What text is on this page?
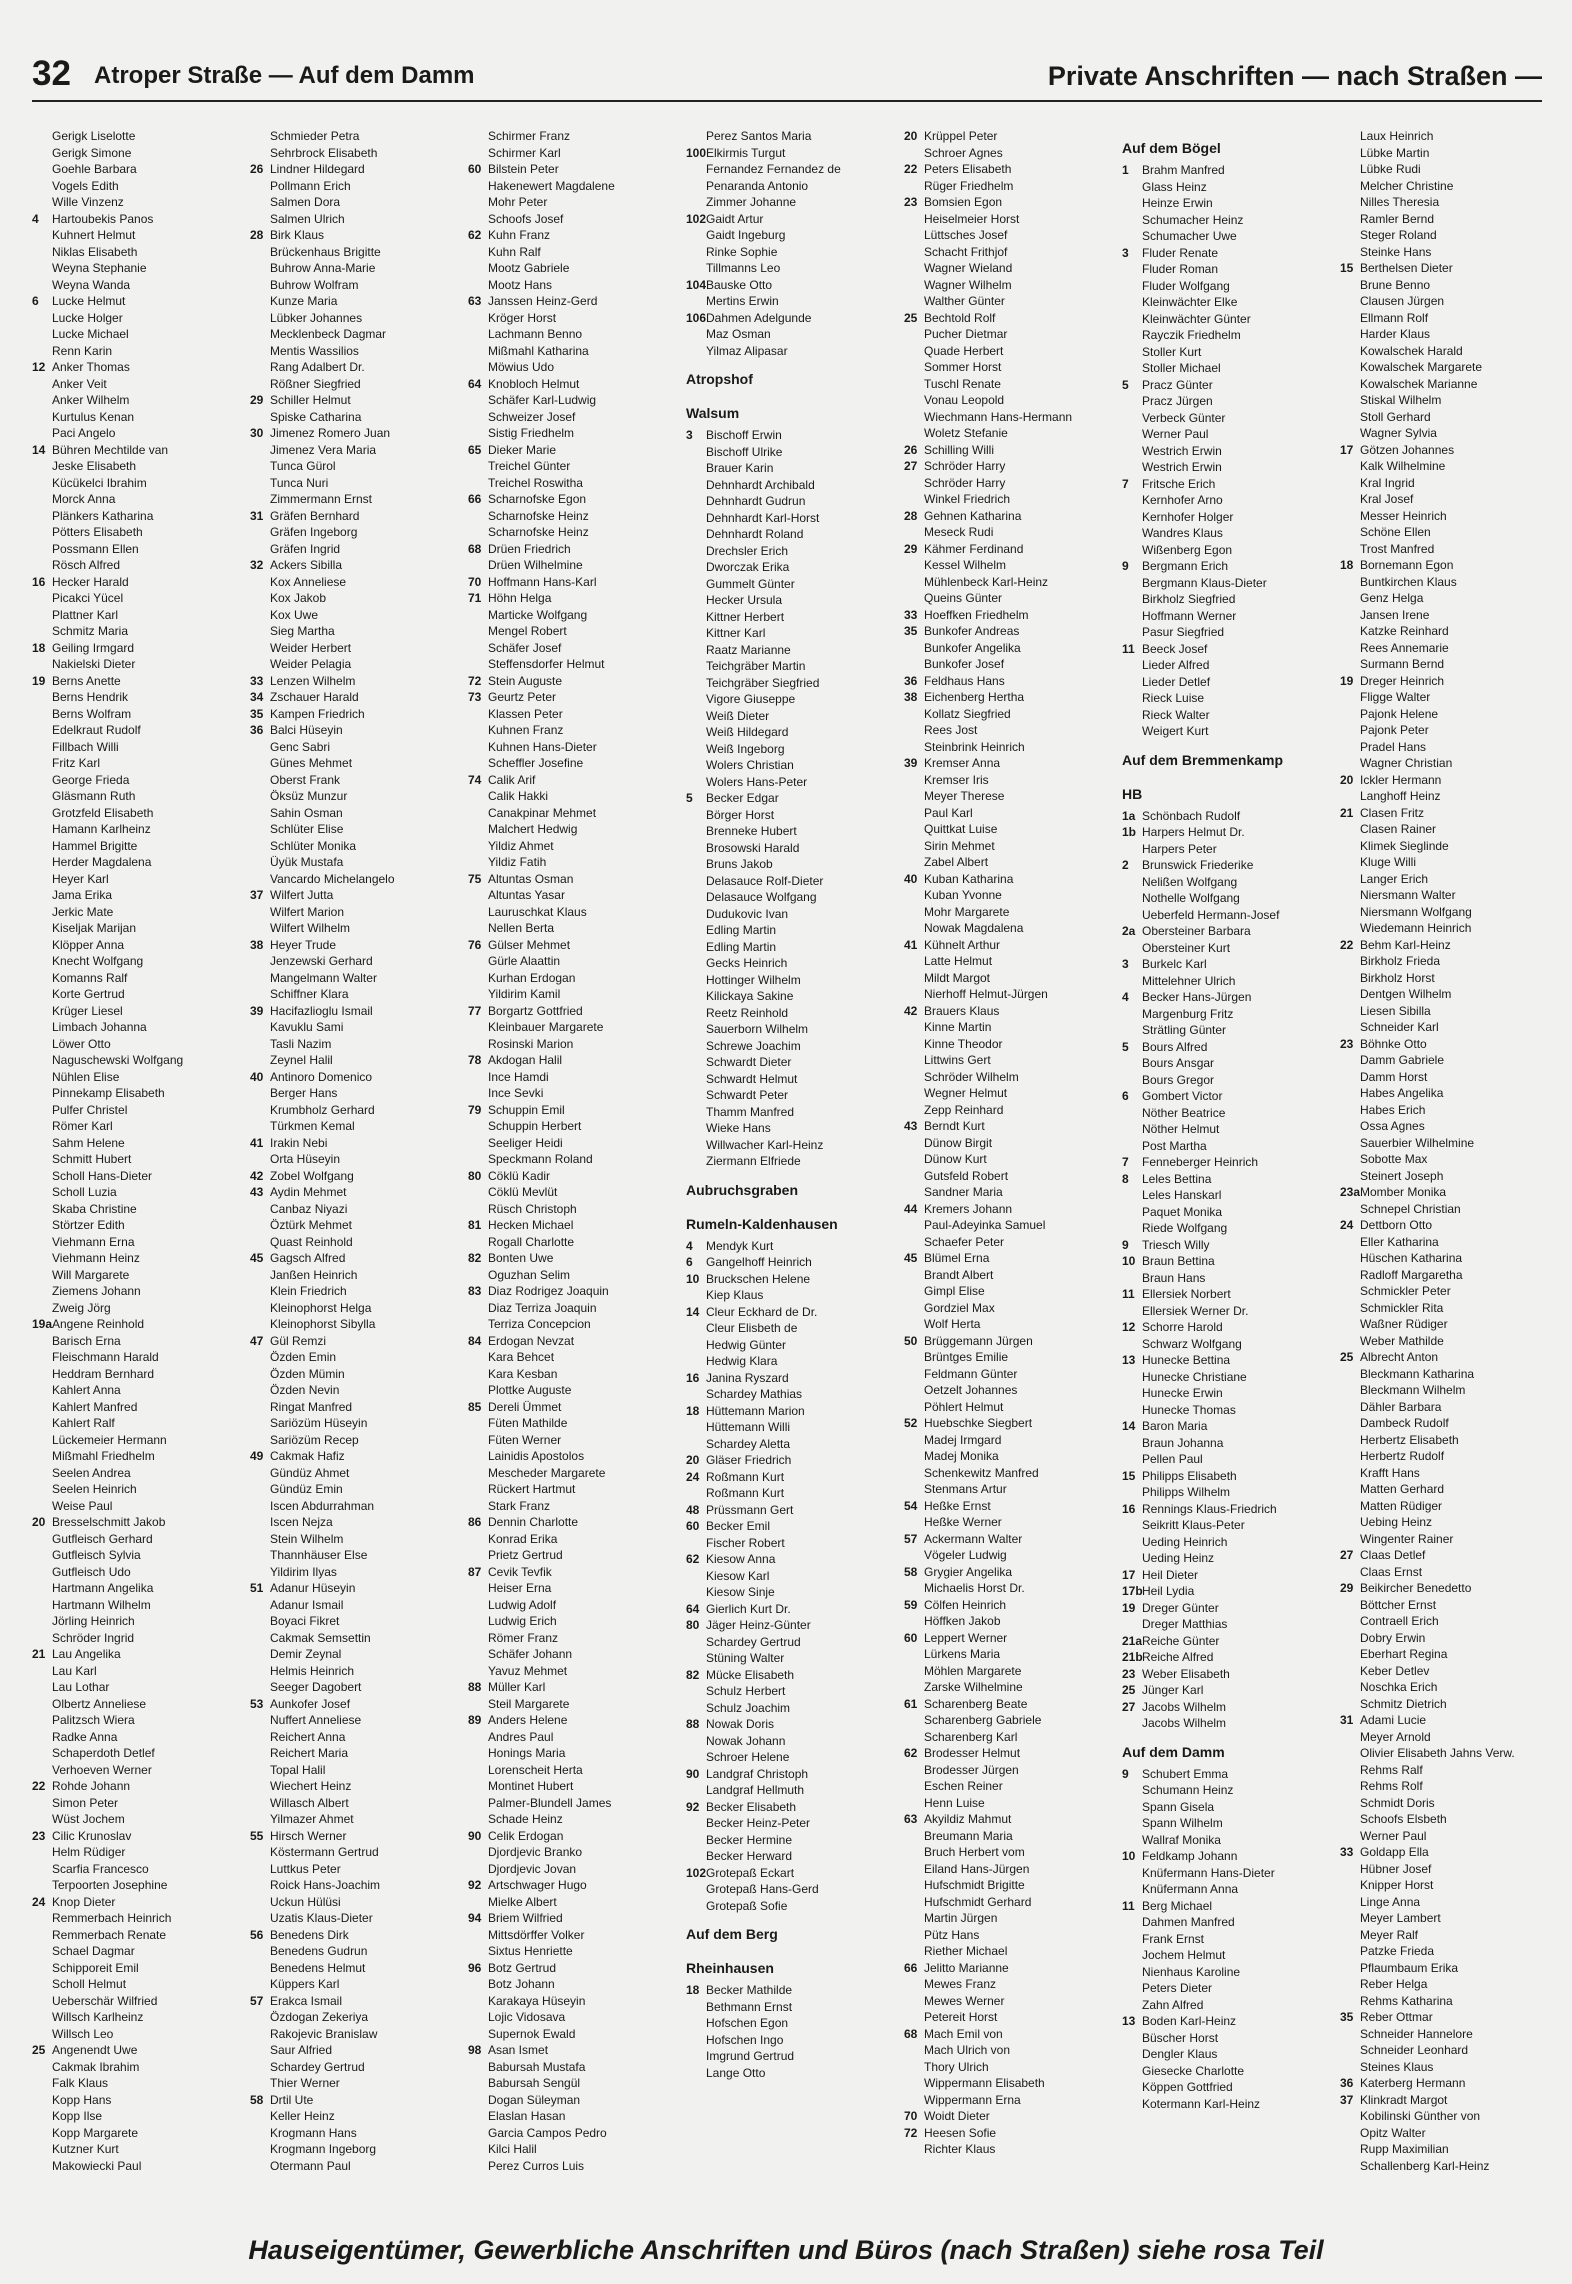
32 Atroper Straße — Auf dem Damm	Private Anschriften — nach Straßen —
Gerigk Liselotte
Gerigk Simone
Goehle Barbara
Vogels Edith
Wille Vinzenz
4 Hartoubekis Panos
Kuhnert Helmut
Niklas Elisabeth
Weyna Stephanie
Weyna Wanda
6 Lucke Helmut
Lucke Holger
Lucke Michael
Renn Karin
12 Anker Thomas
Anker Veit
Anker Wilhelm
Kurtulus Kenan
Paci Angelo
14 Bühren Mechtilde van
Jeske Elisabeth
Kücükelci Ibrahim
Morck Anna
Plänkers Katharina
Pötters Elisabeth
Possmann Ellen
Rösch Alfred
16 Hecker Harald
Picakci Yücel
Plattner Karl
Schmitz Maria
18 Geiling Irmgard
Nakielski Dieter
19 Berns Anette
Berns Hendrik
Berns Wolfram
Edelkraut Rudolf
Fillbach Willi
Fritz Karl
George Frieda
Gläsmann Ruth
Grotzfeld Elisabeth
Hamann Karlheinz
Hammel Brigitte
Herder Magdalena
Heyer Karl
Jama Erika
Jerkic Mate
Kiseljak Marijan
Klöpper Anna
Knecht Wolfgang
Komanns Ralf
Korte Gertrud
Krüger Liesel
Limbach Johanna
Löwer Otto
Naguschewski Wolfgang
Nühlen Elise
Pinnekamp Elisabeth
Pulfer Christel
Römer Karl
Sahm Helene
Schmitt Hubert
Scholl Hans-Dieter
Scholl Luzia
Skaba Christine
Störtzer Edith
Viehmann Erna
Viehmann Heinz
Will Margarete
Ziemens Johann
Zweig Jörg
19a Angene Reinhold
Barisch Erna
Fleischmann Harald
Heddram Bernhard
Kahlert Anna
Kahlert Manfred
Kahlert Ralf
Lückemeier Hermann
Mißmahl Friedhelm
Seelen Andrea
Seelen Heinrich
Weise Paul
20 Bresselschmitt Jakob
Gutfleisch Gerhard
Gutfleisch Sylvia
Gutfleisch Udo
Hartmann Angelika
Hartmann Wilhelm
Jörling Heinrich
Schröder Ingrid
21 Lau Angelika
Lau Karl
Lau Lothar
Olbertz Anneliese
Palitzsch Wiera
Radke Anna
Schaperdoth Detlef
Verhoeven Werner
22 Rohde Johann
Simon Peter
Wüst Jochem
23 Cilic Krunoslav
Helm Rüdiger
Scarfia Francesco
Terpoorten Josephine
24 Knop Dieter
Remmerbach Heinrich
Remmerbach Renate
Schael Dagmar
Schipporeit Emil
Scholl Helmut
Ueberschär Wilfried
Willsch Karlheinz
Willsch Leo
25 Angenendt Uwe
Cakmak Ibrahim
Falk Klaus
Kopp Hans
Kopp Ilse
Kopp Margarete
Kutzner Kurt
Makowiecki Paul
Schmieder Petra
Sehrbrock Elisabeth
26 Lindner Hildegard
Pollmann Erich
Salmen Dora
Salmen Ulrich
28 Birk Klaus
Brückenhaus Brigitte
Buhrow Anna-Marie
Buhrow Wolfram
Kunze Maria
Lübker Johannes
Mecklenbeck Dagmar
Mentis Wassilios
Rang Adalbert Dr.
Rößner Siegfried
29 Schiller Helmut
Spiske Catharina
30 Jimenez Romero Juan
Jimenez Vera Maria
Tunca Gürol
Tunca Nuri
Zimmermann Ernst
31 Gräfen Bernhard
Gräfen Ingeborg
Gräfen Ingrid
32 Ackers Sibilla
Kox Anneliese
Kox Jakob
Kox Uwe
Sieg Martha
Weider Herbert
Weider Pelagia
33 Lenzen Wilhelm
34 Zschauer Harald
35 Kampen Friedrich
36 Balci Hüseyin
Genc Sabri
Günes Mehmet
Oberst Frank
Öksüz Munzur
Sahin Osman
Schlüter Elise
Schlüter Monika
Üyük Mustafa
Vancardo Michelangelo
37 Wilfert Jutta
Wilfert Marion
Wilfert Wilhelm
38 Heyer Trude
Jenzewski Gerhard
Mangelmann Walter
Schiffner Klara
39 Hacifazlioglu Ismail
Kavuklu Sami
Tasli Nazim
Zeynel Halil
40 Antinoro Domenico
Berger Hans
Krumbholz Gerhard
Türkmen Kemal
41 Irakin Nebi
Orta Hüseyin
42 Zobel Wolfgang
43 Aydin Mehmet
Canbaz Niyazi
Öztürk Mehmet
Quast Reinhold
45 Gagsch Alfred
Janßen Heinrich
Klein Friedrich
Kleinophorst Helga
Kleinophorst Sibylla
47 Gül Remzi
Özden Emin
Özden Mümin
Özden Nevin
Ringat Manfred
Sariözüm Hüseyin
Sariözüm Recep
49 Cakmak Hafiz
Gündüz Ahmet
Gündüz Emin
Iscen Abdurrahman
Iscen Nejza
Stein Wilhelm
Thannhäuser Else
Yildirim Ilyas
51 Adanur Hüseyin
Adanur Ismail
Boyaci Fikret
Cakmak Semsettin
Demir Zeynal
Helmis Heinrich
Seeger Dagobert
53 Aunkofer Josef
Nuffert Anneliese
Reichert Anna
Reichert Maria
Topal Halil
Wiechert Heinz
Willasch Albert
Yilmazer Ahmet
55 Hirsch Werner
Köstermann Gertrud
Luttkus Peter
Roick Hans-Joachim
Uckun Hülüsi
Uzatis Klaus-Dieter
56 Benedens Dirk
Benedens Gudrun
Benedens Helmut
Küppers Karl
57 Erakca Ismail
Özdogan Zekeriya
Rakojevic Branislaw
Saur Alfried
Schardey Gertrud
Thier Werner
58 Drtil Ute
Keller Heinz
Krogmann Hans
Krogmann Ingeborg
Otermann Paul
Schirmer Franz
Schirmer Karl
60 Bilstein Peter
Hakenewert Magdalene
Mohr Peter
Schoofs Josef
62 Kuhn Franz
Kuhn Ralf
Mootz Gabriele
Mootz Hans
63 Janssen Heinz-Gerd
Kröger Horst
Lachmann Benno
Mißmahl Katharina
Möwius Udo
64 Knobloch Helmut
Schäfer Karl-Ludwig
Schweizer Josef
Sistig Friedhelm
65 Dieker Marie
Treichel Günter
Treichel Roswitha
66 Scharnofske Egon
Scharnofske Heinz
Scharnofske Heinz
68 Drüen Friedrich
Drüen Wilhelmine
70 Hoffmann Hans-Karl
71 Höhn Helga
Marticke Wolfgang
Mengel Robert
Schäfer Josef
Steffensdorfer Helmut
72 Stein Auguste
73 Geurtz Peter
Klassen Peter
Kuhnen Franz
Kuhnen Hans-Dieter
Scheffler Josefine
74 Calik Arif
Calik Hakki
Canakpinar Mehmet
Malchert Hedwig
Yildiz Ahmet
Yildiz Fatih
75 Altuntas Osman
Altuntas Yasar
Lauruschkat Klaus
Nellen Berta
76 Gülser Mehmet
Gürle Alaattin
Kurhan Erdogan
Yildirim Kamil
77 Borgartz Gottfried
Kleinbauer Margarete
Rosinski Marion
78 Akdogan Halil
Ince Hamdi
Ince Sevki
79 Schuppin Emil
Schuppin Herbert
Seeliger Heidi
Speckmann Roland
80 Cöklü Kadir
Cöklü Mevlüt
Rüsch Christoph
81 Hecken Michael
Rogall Charlotte
82 Bonten Uwe
Oguzhan Selim
83 Diaz Rodrigez Joaquin
Diaz Terriza Joaquin
Terriza Concepcion
84 Erdogan Nevzat
Kara Behcet
Kara Kesban
Plottke Auguste
85 Dereli Ümmet
Füten Mathilde
Füten Werner
Lainidis Apostolos
Mescheder Margarete
Rückert Hartmut
Stark Franz
86 Dennin Charlotte
Konrad Erika
Prietz Gertrud
87 Cevik Tevfik
Heiser Erna
Ludwig Adolf
Ludwig Erich
Römer Franz
Schäfer Johann
Yavuz Mehmet
88 Müller Karl
Steil Margarete
89 Anders Helene
Andres Paul
Honings Maria
Lorenscheit Herta
Montinet Hubert
Palmer-Blundell James
Schade Heinz
90 Celik Erdogan
Djordjevic Branko
Djordjevic Jovan
92 Artschwager Hugo
Mielke Albert
94 Briem Wilfried
Mittsdörffer Volker
Sixtus Henriette
96 Botz Gertrud
Botz Johann
Karakaya Hüseyin
Lojic Vidosava
Supernok Ewald
98 Asan Ismet
Babursah Mustafa
Babursah Sengül
Dogan Süleyman
Elaslan Hasan
Garcia Campos Pedro
Kilci Halil
Perez Curros Luis
Perez Santos Maria
100 Elkirmis Turgut
Fernandez Fernandez de
Penaranda Antonio
Zimmer Johanne
102 Gaidt Artur
Gaidt Ingeburg
Rinke Sophie
Tillmanns Leo
104 Bauske Otto
Mertins Erwin
106 Dahmen Adelgunde
Maz Osman
Yilmaz Alipasar
Atropshof
Walsum
3 Bischoff Erwin
Bischoff Ulrike
Brauer Karin
Dehnhardt Archibald
Dehnhardt Gudrun
Dehnhardt Karl-Horst
Dehnhardt Roland
Drechsler Erich
Dworczak Erika
Gummelt Günter
Hecker Ursula
Kittner Herbert
Kittner Karl
Raatz Marianne
Teichgräber Martin
Teichgräber Siegfried
Vigore Giuseppe
Weiß Dieter
Weiß Hildegard
Weiß Ingeborg
Wolers Christian
Wolers Hans-Peter
5 Becker Edgar
Börger Horst
Brenneke Hubert
Brosowski Harald
Bruns Jakob
Delasauce Rolf-Dieter
Delasauce Wolfgang
Dudukovic Ivan
Edling Martin
Edling Martin
Gecks Heinrich
Hottinger Wilhelm
Kilickaya Sakine
Reetz Reinhold
Sauerborn Wilhelm
Schrewe Joachim
Schwardt Dieter
Schwardt Helmut
Schwardt Peter
Thamm Manfred
Wieke Hans
Willwacher Karl-Heinz
Ziermann Elfriede
Aubruchsgraben
Rumeln-Kaldenhausen
4 Mendyk Kurt
6 Gangelhoff Heinrich
10 Bruckschen Helene
Kiep Klaus
14 Cleur Eckhard de Dr.
Cleur Elisbeth de
Hedwig Günter
Hedwig Klara
16 Janina Ryszard
Schardey Mathias
18 Hüttemann Marion
Hüttemann Willi
Schardey Aletta
20 Gläser Friedrich
24 Roßmann Kurt
Roßmann Kurt
48 Prüssmann Gert
60 Becker Emil
Fischer Robert
62 Kiesow Anna
Kiesow Karl
Kiesow Sinje
64 Gierlich Kurt Dr.
80 Jäger Heinz-Günter
Schardey Gertrud
Stüning Walter
82 Mücke Elisabeth
Schulz Herbert
Schulz Joachim
88 Nowak Doris
Nowak Johann
Schroer Helene
90 Landgraf Christoph
Landgraf Hellmuth
92 Becker Elisabeth
Becker Heinz-Peter
Becker Hermine
Becker Herward
102 Grotepaß Eckart
Grotepaß Hans-Gerd
Grotepaß Sofie
Auf dem Berg
Rheinhausen
18 Becker Mathilde
Bethmann Ernst
Hofschen Egon
Hofschen Ingo
Imgrund Gertrud
Lange Otto
20 Krüppel Peter
Schroer Agnes
22 Peters Elisabeth
Rüger Friedhelm
23 Bomsien Egon
Heiselmeier Horst
Lüttsches Josef
Schacht Frithjof
Wagner Wieland
Wagner Wilhelm
Walther Günter
25 Bechtold Rolf
Pucher Dietmar
Quade Herbert
Sommer Horst
Tuschl Renate
Vonau Leopold
Wiechmann Hans-Hermann
Woletz Stefanie
26 Schilling Willi
27 Schröder Harry
Schröder Harry
Winkel Friedrich
28 Gehnen Katharina
Meseck Rudi
29 Kähmer Ferdinand
Kessel Wilhelm
Mühlenbeck Karl-Heinz
Queins Günter
33 Hoeffken Friedhelm
35 Bunkofer Andreas
Bunkofer Angelika
Bunkofer Josef
36 Feldhaus Hans
38 Eichenberg Hertha
Kollatz Siegfried
Rees Jost
Steinbrink Heinrich
39 Kremser Anna
Kremser Iris
Meyer Therese
Paul Karl
Quittkat Luise
Sirin Mehmet
Zabel Albert
40 Kuban Katharina
Kuban Yvonne
Mohr Margarete
Nowak Magdalena
41 Kühnelt Arthur
Latte Helmut
Mildt Margot
Nierhoff Helmut-Jürgen
42 Brauers Klaus
Kinne Martin
Kinne Theodor
Littwins Gert
Schröder Wilhelm
Wegner Helmut
Zepp Reinhard
43 Berndt Kurt
Dünow Birgit
Dünow Kurt
Gutsfeld Robert
Sandner Maria
44 Kremers Johann
Paul-Adeyinka Samuel
Schaefer Peter
45 Blümel Erna
Brandt Albert
Gimpl Elise
Gordziel Max
Wolf Herta
50 Brüggemann Jürgen
Brüntges Emilie
Feldmann Günter
Oetzelt Johannes
Pöhlert Helmut
52 Huebschke Siegbert
Madej Irmgard
Madej Monika
Schenkewitz Manfred
Stenmans Artur
54 Heßke Ernst
Heßke Werner
57 Ackermann Walter
Vögeler Ludwig
58 Grygier Angelika
Michaelis Horst Dr.
59 Cölfen Heinrich
Höffken Jakob
60 Leppert Werner
Lürkens Maria
Möhlen Margarete
Zarske Wilhelmine
61 Scharenberg Beate
Scharenberg Gabriele
Scharenberg Karl
62 Brodesser Helmut
Brodesser Jürgen
Eschen Reiner
Henn Luise
63 Akyildiz Mahmut
Breumann Maria
Bruch Herbert vom
Eiland Hans-Jürgen
Hufschmidt Brigitte
Hufschmidt Gerhard
Martin Jürgen
Pütz Hans
Riether Michael
66 Jelitto Marianne
Mewes Franz
Mewes Werner
Petereit Horst
68 Mach Emil von
Mach Ulrich von
Thory Ulrich
Wippermann Elisabeth
Wippermann Erna
70 Woidt Dieter
72 Heesen Sofie
Richter Klaus
Auf dem Bögel
1 Brahm Manfred
Glass Heinz
Heinze Erwin
Schumacher Heinz
Schumacher Uwe
3 Fluder Renate
Fluder Roman
Fluder Wolfgang
Kleinwächter Elke
Kleinwächter Günter
Rayczik Friedhelm
Stoller Kurt
Stoller Michael
5 Pracz Günter
Pracz Jürgen
Verbeck Günter
Werner Paul
Westrich Erwin
Westrich Erwin
7 Fritsche Erich
Kernhofer Arno
Kernhofer Holger
Wandres Klaus
Wißenberg Egon
9 Bergmann Erich
Bergmann Klaus-Dieter
Birkholz Siegfried
Hoffmann Werner
Pasur Siegfried
11 Beeck Josef
Lieder Alfred
Lieder Detlef
Rieck Luise
Rieck Walter
Weigert Kurt
Auf dem Bremmenkamp
HB
1a Schönbach Rudolf
1b Harpers Helmut Dr.
Harpers Peter
2 Brunswick Friederike
Nelißen Wolfgang
Nothelle Wolfgang
Ueberfeld Hermann-Josef
2a Obersteiner Barbara
Obersteiner Kurt
3 Burkelc Karl
Mittelehner Ulrich
4 Becker Hans-Jürgen
Margenburg Fritz
Strätling Günter
5 Bours Alfred
Bours Ansgar
Bours Gregor
6 Gombert Victor
Nöther Beatrice
Nöther Helmut
Post Martha
7 Fenneberger Heinrich
8 Leles Bettina
Leles Hanskarl
Paquet Monika
Riede Wolfgang
9 Triesch Willy
10 Braun Bettina
Braun Hans
11 Ellersiek Norbert
Ellersiek Werner Dr.
12 Schorre Harold
Schwarz Wolfgang
13 Hunecke Bettina
Hunecke Christiane
Hunecke Erwin
Hunecke Thomas
14 Baron Maria
Braun Johanna
Pellen Paul
15 Philipps Elisabeth
Philipps Wilhelm
16 Rennings Klaus-Friedrich
Seikritt Klaus-Peter
Ueding Heinrich
Ueding Heinz
17 Heil Dieter
17b Heil Lydia
19 Dreger Günter
Dreger Matthias
21a Reiche Günter
21b Reiche Alfred
23 Weber Elisabeth
25 Jünger Karl
27 Jacobs Wilhelm
Jacobs Wilhelm
Auf dem Damm
9 Schubert Emma
Schumann Heinz
Spann Gisela
Spann Wilhelm
Wallraf Monika
10 Feldkamp Johann
Knüfermann Hans-Dieter
Knüfermann Anna
11 Berg Michael
Dahmen Manfred
Frank Ernst
Jochem Helmut
Nienhaus Karoline
Peters Dieter
Zahn Alfred
13 Boden Karl-Heinz
Büscher Horst
Dengler Klaus
Giesecke Charlotte
Köppen Gottfried
Kotermann Karl-Heinz
Laux Heinrich
Lübke Martin
Lübke Rudi
Melcher Christine
Nilles Theresia
Ramler Bernd
Steger Roland
Steinke Hans
15 Berthelsen Dieter
Brune Benno
Clausen Jürgen
Ellmann Rolf
Harder Klaus
Kowalschek Harald
Kowalschek Margarete
Kowalschek Marianne
Stiskal Wilhelm
Stoll Gerhard
Wagner Sylvia
17 Götzen Johannes
Kalk Wilhelmine
Kral Ingrid
Kral Josef
Messer Heinrich
Schöne Ellen
Trost Manfred
18 Bornemann Egon
Buntkirchen Klaus
Genz Helga
Jansen Irene
Katzke Reinhard
Rees Annemarie
Surmann Bernd
19 Dreger Heinrich
Fligge Walter
Pajonk Helene
Pajonk Peter
Pradel Hans
Wagner Christian
20 Ickler Hermann
Langhoff Heinz
21 Clasen Fritz
Clasen Rainer
Klimek Sieglinde
Kluge Willi
Langer Erich
Niersmann Walter
Niersmann Wolfgang
Wiedemann Heinrich
22 Behm Karl-Heinz
Birkholz Frieda
Birkholz Horst
Dentgen Wilhelm
Liesen Sibilla
Schneider Karl
23 Böhnke Otto
Damm Gabriele
Damm Horst
Habes Angelika
Habes Erich
Ossa Agnes
Sauerbier Wilhelmine
Sobotte Max
Steinert Joseph
23a Momber Monika
Schnepel Christian
24 Dettborn Otto
Eller Katharina
Hüschen Katharina
Radloff Margaretha
Schmickler Peter
Schmickler Rita
Waßner Rüdiger
Weber Mathilde
25 Albrecht Anton
Bleckmann Katharina
Bleckmann Wilhelm
Dähler Barbara
Dambeck Rudolf
Herbertz Elisabeth
Herbertz Rudolf
Krafft Hans
Matten Gerhard
Matten Rüdiger
Uebing Heinz
Wingenter Rainer
27 Claas Detlef
Claas Ernst
29 Beikircher Benedetto
Böttcher Ernst
Contraell Erich
Dobry Erwin
Eberhart Regina
Keber Detlev
Noschka Erich
Schmitz Dietrich
31 Adami Lucie
Meyer Arnold
Olivier Elisabeth Jahns Verw.
Rehms Ralf
Rehms Rolf
Schmidt Doris
Schoofs Elsbeth
Werner Paul
33 Goldapp Ella
Hübner Josef
Knipper Horst
Linge Anna
Meyer Lambert
Meyer Ralf
Patzke Frieda
Pflaumbaum Erika
Reber Helga
Rehms Katharina
35 Reber Ottmar
Schneider Hannelore
Schneider Leonhard
Steines Klaus
36 Katerberg Hermann
37 Klinkradt Margot
Kobilinski Günther von
Opitz Walter
Rupp Maximilian
Schallenberg Karl-Heinz
Hauseigentümer, Gewerbliche Anschriften und Büros (nach Straßen) siehe rosa Teil
